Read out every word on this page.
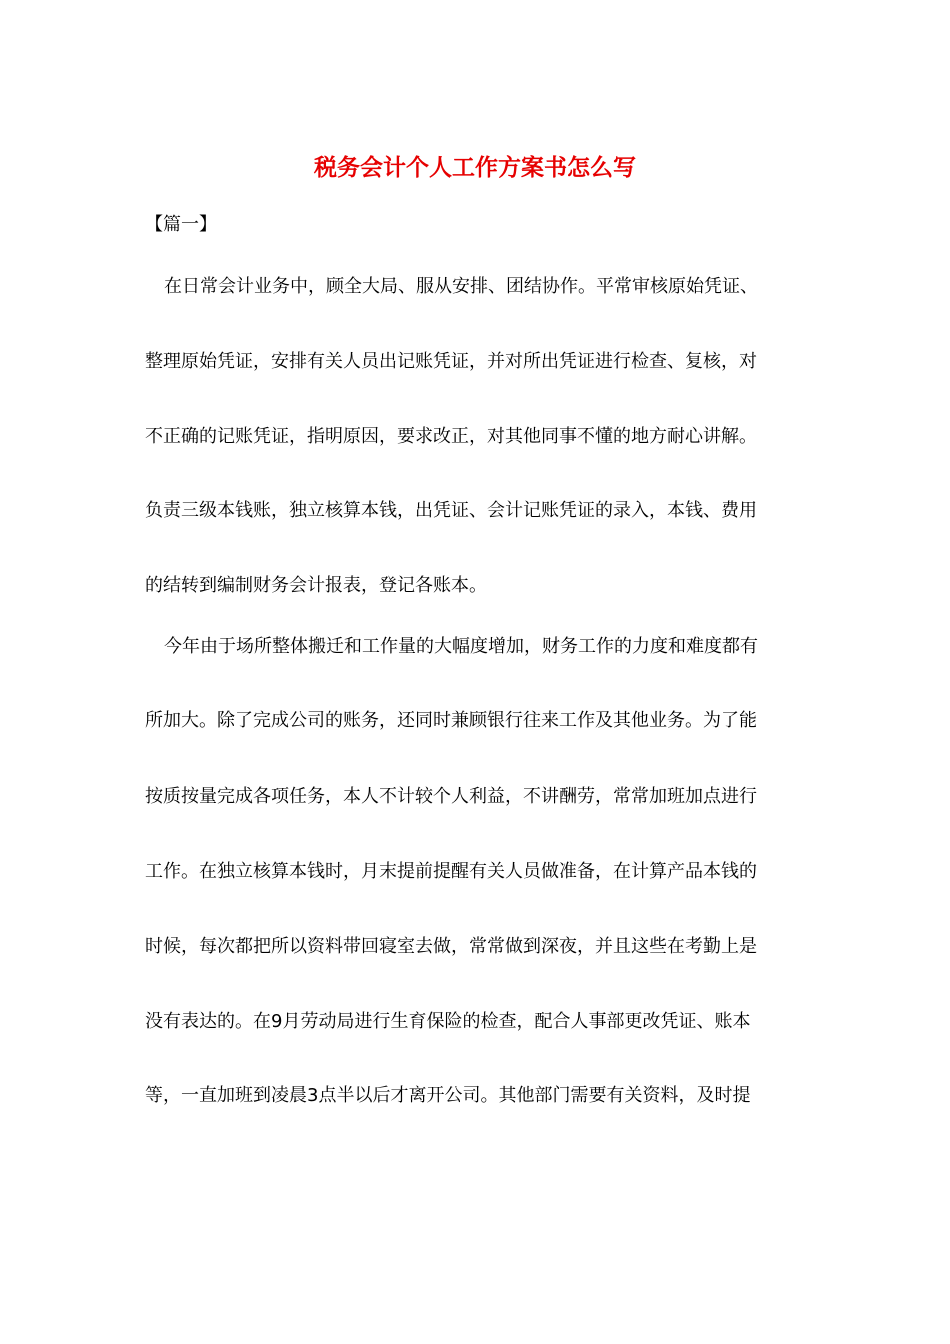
税务会计个人工作方案书怎么写

【篇一】

在日常会计业务中，顾全大局、服从安排、团结协作。平常审核原始凭证、

整理原始凭证，安排有关人员出记账凭证，并对所出凭证进行检查、复核，对

不正确的记账凭证，指明原因，要求改正，对其他同事不懂的地方耐心讲解。

负责三级本钱账，独立核算本钱，出凭证、会计记账凭证的录入，本钱、费用

的结转到编制财务会计报表，登记各账本。

今年由于场所整体搬迁和工作量的大幅度增加，财务工作的力度和难度都有

所加大。除了完成公司的账务，还同时兼顾银行往来工作及其他业务。为了能

按质按量完成各项任务，本人不计较个人利益，不讲酬劳，常常加班加点进行

工作。在独立核算本钱时，月末提前提醒有关人员做准备，在计算产品本钱的

时候，每次都把所以资料带回寝室去做，常常做到深夜，并且这些在考勤上是

没有表达的。在9月劳动局进行生育保险的检查，配合人事部更改凭证、账本

等，一直加班到凌晨3点半以后才离开公司。其他部门需要有关资料，及时提
